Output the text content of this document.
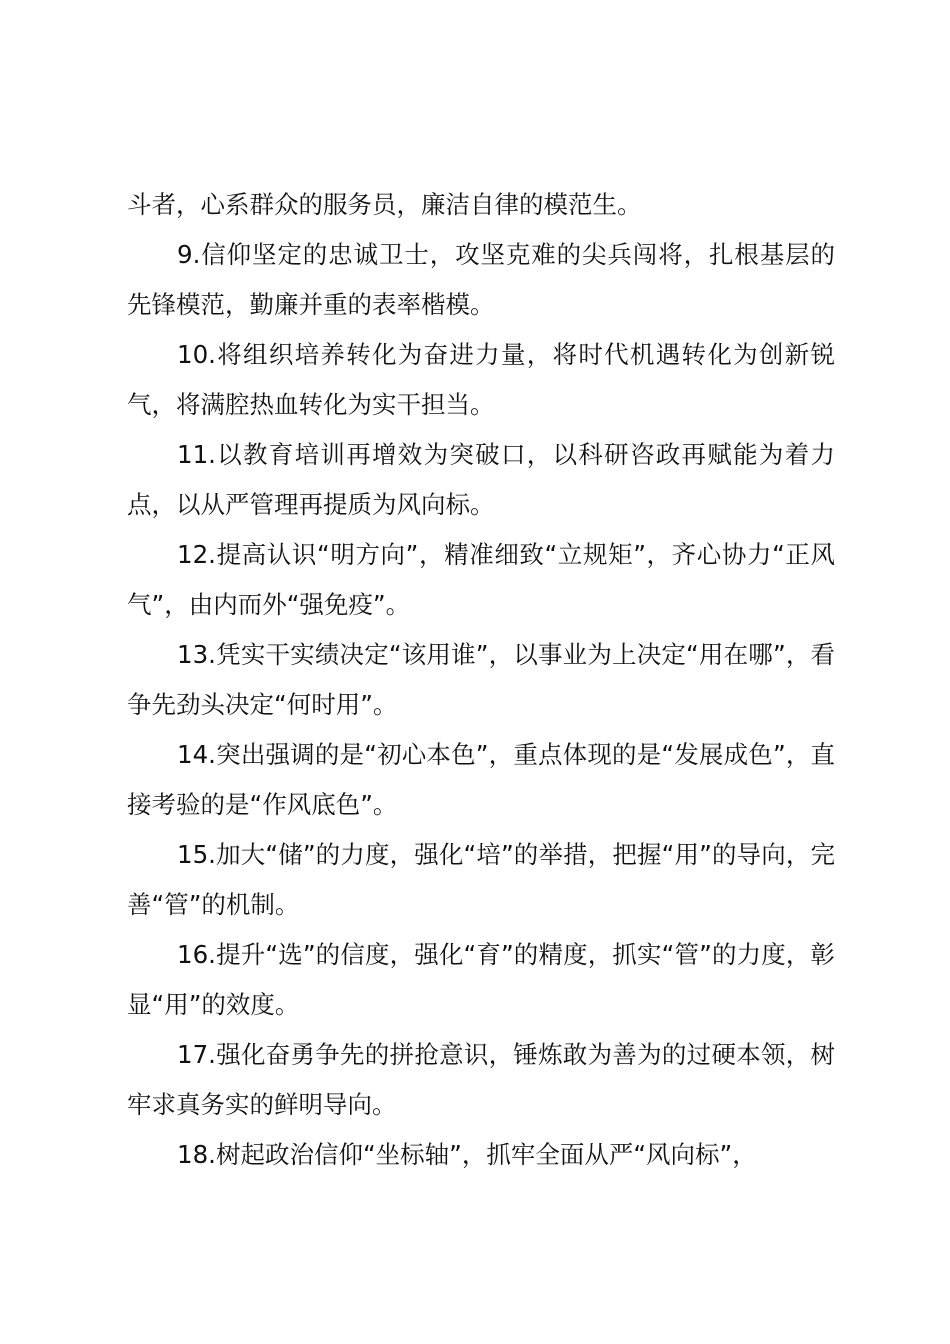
斗者，心系群众的服务员，廉洁自律的模范生。

9.信仰坚定的忠诚卫士，攻坚克难的尖兵闯将，扎根基层的先锋模范，勤廉并重的表率楷模。

10.将组织培养转化为奋进力量，将时代机遇转化为创新锐气，将满腔热血转化为实干担当。

11.以教育培训再增效为突破口，以科研咨政再赋能为着力点，以从严管理再提质为风向标。

12.提高认识“明方向”，精准细致“立规矩”，齐心协力“正风气”，由内而外“强免疫”。

13.凭实干实绩决定“该用谁”，以事业为上决定“用在哪”，看争先劲头决定“何时用”。

14.突出强调的是“初心本色”，重点体现的是“发展成色”，直接考验的是“作风底色”。

15.加大“储”的力度，强化“培”的举措，把握“用”的导向，完善“管”的机制。

16.提升“选”的信度，强化“育”的精度，抓实“管”的力度，彰显“用”的效度。

17.强化奋勇争先的拼抢意识，锤炼敢为善为的过硬本领，树牢求真务实的鲜明导向。

18.树起政治信仰“坐标轴”，抓牢全面从严“风向标”，
